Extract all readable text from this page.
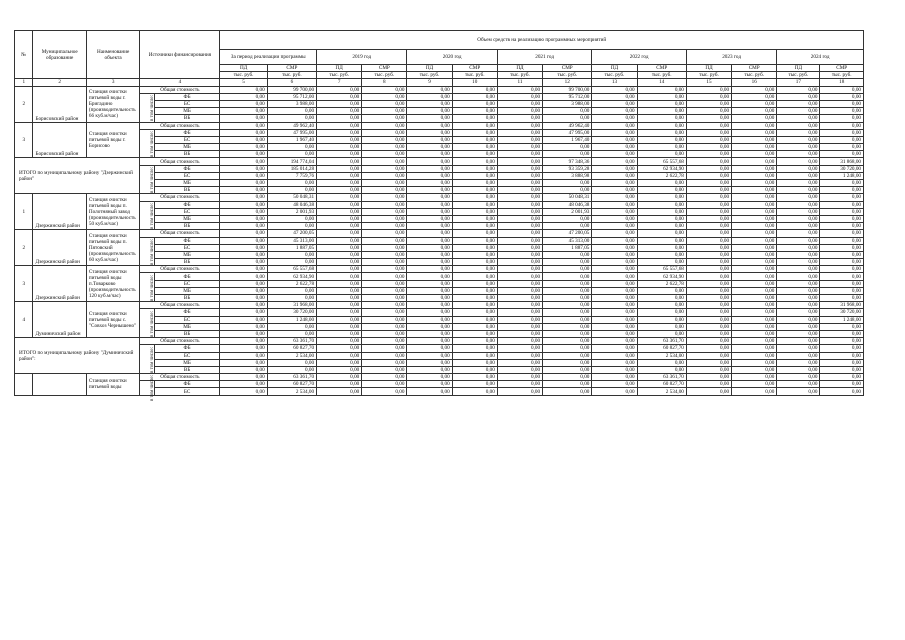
№	Муниципальное образование	Наименование объекта	Источники финансирования		Объем средств на реализацию программных мероприятий													
					За период реализации программы		2019 год		2020 год		2021 год		2022 год		2023 год		2024 год	
					ПД	СМР	ПД	СМР	ПД	СМР	ПД	СМР	ПД	СМР	ПД	СМР	ПД	СМР
					тыс. руб.	тыс. руб.	тыс. руб.	тыс. руб.	тыс. руб.	тыс. руб.	тыс. руб.	тыс. руб.	тыс. руб.	тыс. руб.	тыс. руб.	тыс. руб.	тыс. руб.	тыс. руб.
1	2	3	4		5	6	7	8	9	10	11	12	13	14	15	16	17	18
2	Борисовский район	Станция очистки питьевой воды г. Бригадино (производительность 66 куб.м/час)	Общая стоимость		0,00	99 700,00	0,00	0,00	0,00	0,00	0,00	99 700,00	0,00	0,00	0,00	0,00	0,00	0,00
			в том числе:	ФБ	0,00	95 712,00	0,00	0,00	0,00	0,00	0,00	95 712,00	0,00	0,00	0,00	0,00	0,00	0,00
				БС	0,00	3 988,00	0,00	0,00	0,00	0,00	0,00	3 988,00	0,00	0,00	0,00	0,00	0,00	0,00
				МБ	0,00	0,00	0,00	0,00	0,00	0,00	0,00	0,00	0,00	0,00	0,00	0,00	0,00	0,00
				ВБ	0,00	0,00	0,00	0,00	0,00	0,00	0,00	0,00	0,00	0,00	0,00	0,00	0,00	0,00
3	Борисовский район	Станция очистки питьевой воды г. Борисово	Общая стоимость		0,00	49 962,40	0,00	0,00	0,00	0,00	0,00	49 962,40	0,00	0,00	0,00	0,00	0,00	0,00
			в том числе:	ФБ	0,00	47 995,00	0,00	0,00	0,00	0,00	0,00	47 995,00	0,00	0,00	0,00	0,00	0,00	0,00
				БС	0,00	1 967,40	0,00	0,00	0,00	0,00	0,00	1 967,40	0,00	0,00	0,00	0,00	0,00	0,00
				МБ	0,00	0,00	0,00	0,00	0,00	0,00	0,00	0,00	0,00	0,00	0,00	0,00	0,00	0,00
				ВБ	0,00	0,00	0,00	0,00	0,00	0,00	0,00	0,00	0,00	0,00	0,00	0,00	0,00	0,00
ИТОГО по муниципальному району "Дзержинский район"			Общая стоимость		0,00	194 774,04	0,00	0,00	0,00	0,00	0,00	97 348,36	0,00	65 557,68	0,00	0,00	0,00	31 868,00
			в том числе:	ФБ	0,00	185 014,28	0,00	0,00	0,00	0,00	0,00	93 359,28	0,00	62 934,90	0,00	0,00	0,00	30 720,00
				БС	0,00	7 759,76	0,00	0,00	0,00	0,00	0,00	3 888,98	0,00	2 622,78	0,00	0,00	0,00	1 248,00
				МБ	0,00	0,00	0,00	0,00	0,00	0,00	0,00	0,00	0,00	0,00	0,00	0,00	0,00	0,00
				ВБ	0,00	0,00	0,00	0,00	0,00	0,00	0,00	0,00	0,00	0,00	0,00	0,00	0,00	0,00
1	Дзержинский район	Станция очистки питьевой воды п. Полотняный завод (производительность 50 куб.м/час)	Общая стоимость		0,00	50 048,31	0,00	0,00	0,00	0,00	0,00	50 048,31	0,00	0,00	0,00	0,00	0,00	0,00
			в том числе:	ФБ	0,00	48 046,38	0,00	0,00	0,00	0,00	0,00	48 046,38	0,00	0,00	0,00	0,00	0,00	0,00
				БС	0,00	2 001,93	0,00	0,00	0,00	0,00	0,00	2 001,93	0,00	0,00	0,00	0,00	0,00	0,00
				МБ	0,00	0,00	0,00	0,00	0,00	0,00	0,00	0,00	0,00	0,00	0,00	0,00	0,00	0,00
				ВБ	0,00	0,00	0,00	0,00	0,00	0,00	0,00	0,00	0,00	0,00	0,00	0,00	0,00	0,00
2	Дзержинский район	Станция очистки питьевой воды п. Пятовский (производительность 60 куб.м/час)	Общая стоимость		0,00	47 200,05	0,00	0,00	0,00	0,00	0,00	47 200,05	0,00	0,00	0,00	0,00	0,00	0,00
			в том числе:	ФБ	0,00	45 313,00	0,00	0,00	0,00	0,00	0,00	45 313,00	0,00	0,00	0,00	0,00	0,00	0,00
				БС	0,00	1 887,05	0,00	0,00	0,00	0,00	0,00	1 887,05	0,00	0,00	0,00	0,00	0,00	0,00
				МБ	0,00	0,00	0,00	0,00	0,00	0,00	0,00	0,00	0,00	0,00	0,00	0,00	0,00	0,00
				ВБ	0,00	0,00	0,00	0,00	0,00	0,00	0,00	0,00	0,00	0,00	0,00	0,00	0,00	0,00
3	Дзержинский район	Станция очистки питьевой воды п.Товарково (производительность 120 куб.м/час)	Общая стоимость		0,00	65 557,68	0,00	0,00	0,00	0,00	0,00	0,00	0,00	65 557,68	0,00	0,00	0,00	0,00
			в том числе:	ФБ	0,00	62 934,90	0,00	0,00	0,00	0,00	0,00	0,00	0,00	62 934,90	0,00	0,00	0,00	0,00
				БС	0,00	2 622,78	0,00	0,00	0,00	0,00	0,00	0,00	0,00	2 622,78	0,00	0,00	0,00	0,00
				МБ	0,00	0,00	0,00	0,00	0,00	0,00	0,00	0,00	0,00	0,00	0,00	0,00	0,00	0,00
				ВБ	0,00	0,00	0,00	0,00	0,00	0,00	0,00	0,00	0,00	0,00	0,00	0,00	0,00	0,00
4	Думиничский район	Станция очистки питьевой воды с. "Совхоз Чернышено"	Общая стоимость		0,00	31 968,00	0,00	0,00	0,00	0,00	0,00	0,00	0,00	0,00	0,00	0,00	0,00	31 968,00
			в том числе:	ФБ	0,00	30 720,00	0,00	0,00	0,00	0,00	0,00	0,00	0,00	0,00	0,00	0,00	0,00	30 720,00
				БС	0,00	1 248,00	0,00	0,00	0,00	0,00	0,00	0,00	0,00	0,00	0,00	0,00	0,00	1 248,00
				МБ	0,00	0,00	0,00	0,00	0,00	0,00	0,00	0,00	0,00	0,00	0,00	0,00	0,00	0,00
				ВБ	0,00	0,00	0,00	0,00	0,00	0,00	0,00	0,00	0,00	0,00	0,00	0,00	0,00	0,00
ИТОГО по муниципальному району "Думиничский район":			Общая стоимость		0,00	63 361,70	0,00	0,00	0,00	0,00	0,00	0,00	0,00	63 361,70	0,00	0,00	0,00	0,00
			в том числе:	ФБ	0,00	60 827,70	0,00	0,00	0,00	0,00	0,00	0,00	0,00	60 827,70	0,00	0,00	0,00	0,00
				БС	0,00	2 534,00	0,00	0,00	0,00	0,00	0,00	0,00	0,00	2 534,00	0,00	0,00	0,00	0,00
				МБ	0,00	0,00	0,00	0,00	0,00	0,00	0,00	0,00	0,00	0,00	0,00	0,00	0,00	0,00
				ВБ	0,00	0,00	0,00	0,00	0,00	0,00	0,00	0,00	0,00	0,00	0,00	0,00	0,00	0,00
		Станция очистки питьевой воды	Общая стоимость		0,00	63 361,70	0,00	0,00	0,00	0,00	0,00	0,00	0,00	63 361,70	0,00	0,00	0,00	0,00
			в том числе:	ФБ	0,00	60 827,70	0,00	0,00	0,00	0,00	0,00	0,00	0,00	60 827,70	0,00	0,00	0,00	0,00
				БС	0,00	2 534,00	0,00	0,00	0,00	0,00	0,00	0,00	0,00	2 534,00	0,00	0,00	0,00	0,00
